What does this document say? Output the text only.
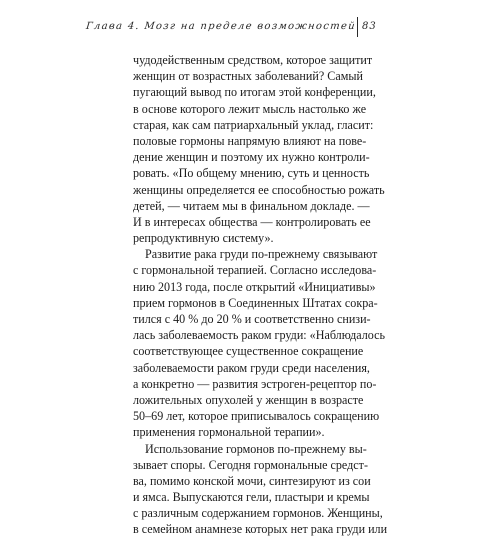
Глава 4. Мозг на пределе возможностей 83
чудодейственным средством, которое защитит
женщин от возрастных заболеваний? Самый
пугающий вывод по итогам этой конференции,
в основе которого лежит мысль настолько же
старая, как сам патриархальный уклад, гласит:
половые гормоны напрямую влияют на пове-
дение женщин и поэтому их нужно контроли-
ровать. «По общему мнению, суть и ценность
женщины определяется ее способностью рожать
детей, — читаем мы в финальном докладе. —
И в интересах общества — контролировать ее
репродуктивную систему».
Развитие рака груди по-прежнему связывают
с гормональной терапией. Согласно исследова-
нию 2013 года, после открытий «Инициативы»
прием гормонов в Соединенных Штатах сокра-
тился с 40 % до 20 % и соответственно снизи-
лась заболеваемость раком груди: «Наблюдалось
соответствующее существенное сокращение
заболеваемости раком груди среди населения,
а конкретно — развития эстроген-рецептор по-
ложительных опухолей у женщин в возрасте
50–69 лет, которое приписывалось сокращению
применения гормональной терапии».
Использование гормонов по-прежнему вы-
зывает споры. Сегодня гормональные средст-
ва, помимо конской мочи, синтезируют из сои
и ямса. Выпускаются гели, пластыри и кремы
с различным содержанием гормонов. Женщины,
в семейном анамнезе которых нет рака груди или
